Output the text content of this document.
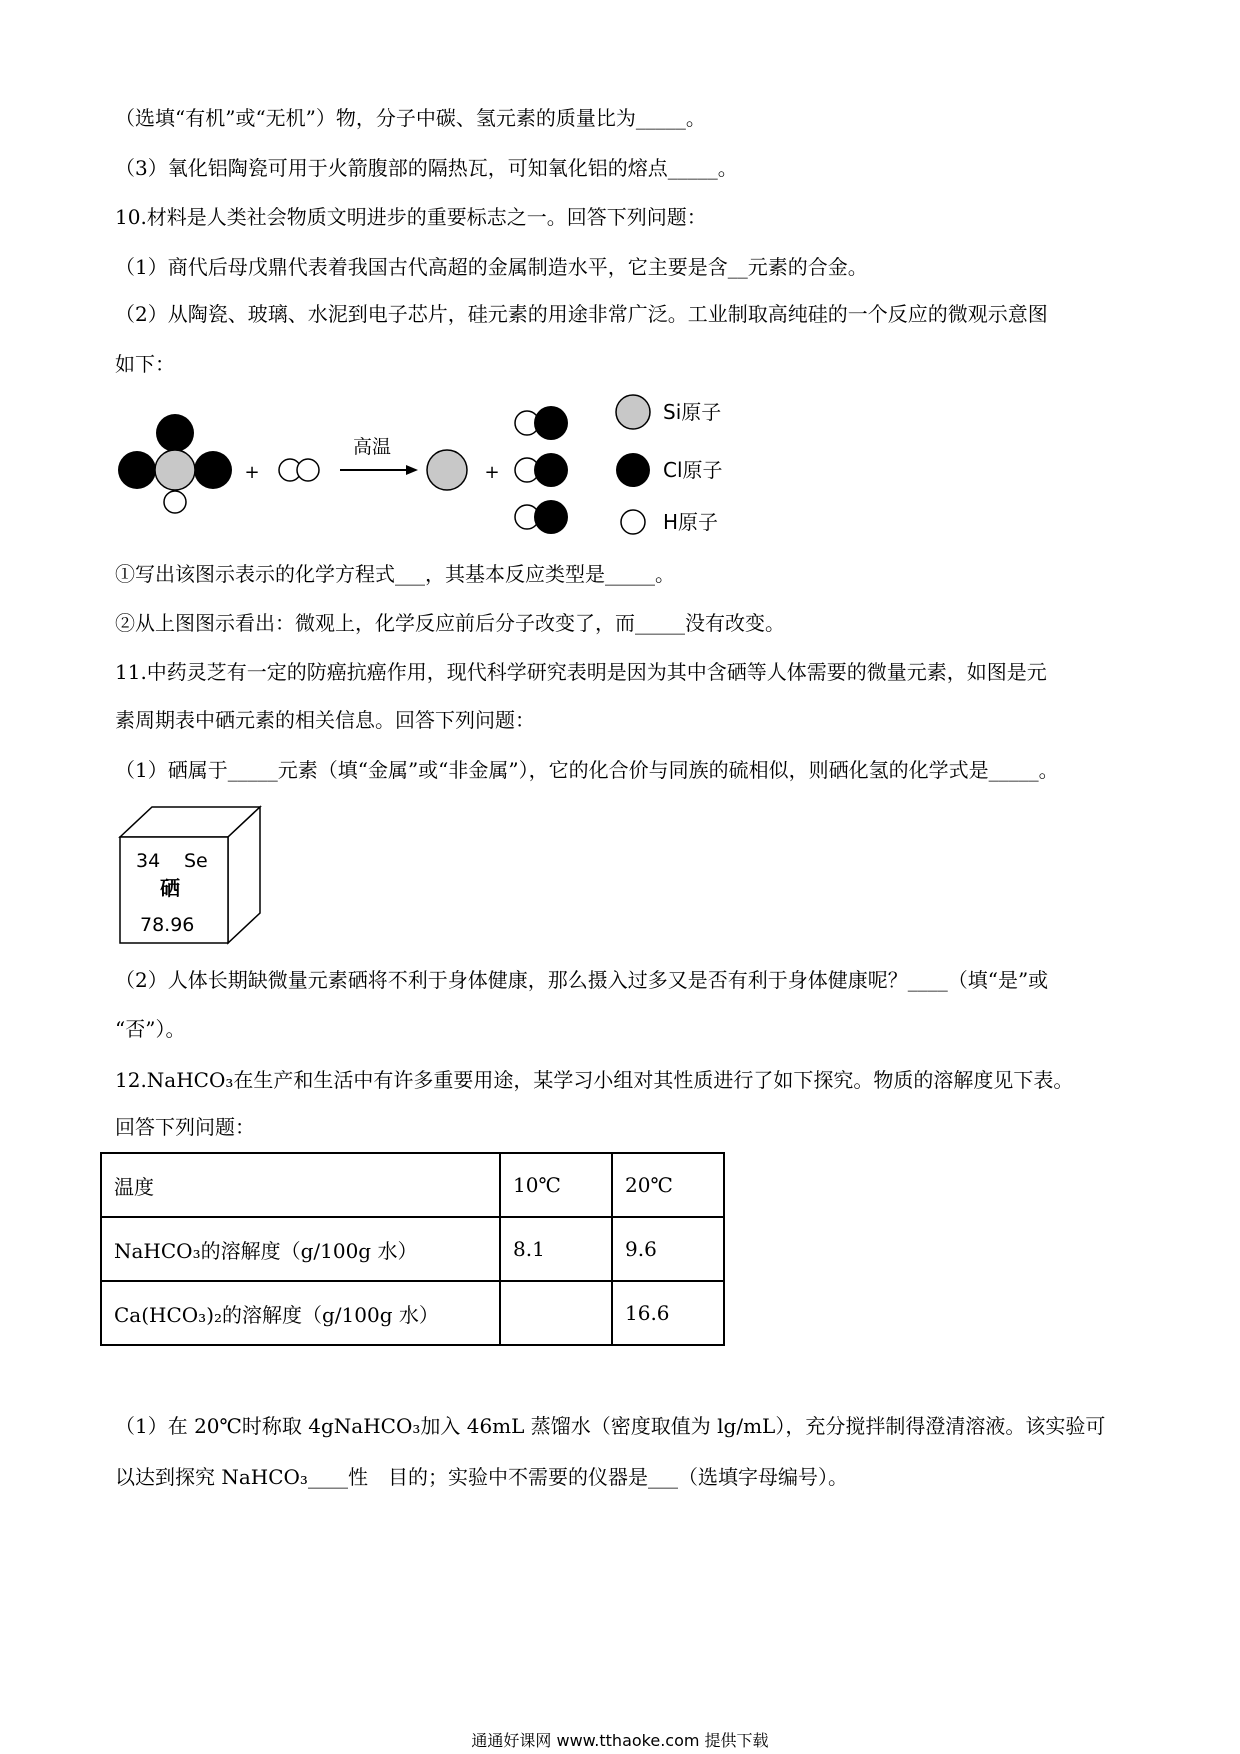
（选填“有机”或“无机”）物，分子中碳、氢元素的质量比为_____。
（3）氧化铝陶瓷可用于火箭腹部的隔热瓦，可知氧化铝的熔点_____。
10.材料是人类社会物质文明进步的重要标志之一。回答下列问题：
（1）商代后母戊鼎代表着我国古代高超的金属制造水平，它主要是含__元素的合金。
（2）从陶瓷、玻璃、水泥到电子芯片，硅元素的用途非常广泛。工业制取高纯硅的一个反应的微观示意图
如下：
+
高温
+
Si原子
Cl原子
H原子
①写出该图示表示的化学方程式___，其基本反应类型是_____。
②从上图图示看出：微观上，化学反应前后分子改变了，而_____没有改变。
11.中药灵芝有一定的防癌抗癌作用，现代科学研究表明是因为其中含硒等人体需要的微量元素，如图是元
素周期表中硒元素的相关信息。回答下列问题：
（1）硒属于_____元素（填“金属”或“非金属”），它的化合价与同族的硫相似，则硒化氢的化学式是_____。
34 Se
硒
78.96
（2）人体长期缺微量元素硒将不利于身体健康，那么摄入过多又是否有利于身体健康呢？____（填“是”或
“否”）。
12.NaHCO₃在生产和生活中有许多重要用途，某学习小组对其性质进行了如下探究。物质的溶解度见下表。
回答下列问题：
温度	10℃	20℃
NaHCO₃的溶解度（g/100g 水）	8.1	9.6
Ca(HCO₃)₂的溶解度（g/100g 水）		16.6
（1）在 20℃时称取 4gNaHCO₃加入 46mL 蒸馏水（密度取值为 lg/mL），充分搅拌制得澄清溶液。该实验可
以达到探究 NaHCO₃____性　目的；实验中不需要的仪器是___（选填字母编号）。
通通好课网 www.tthaoke.com 提供下载
